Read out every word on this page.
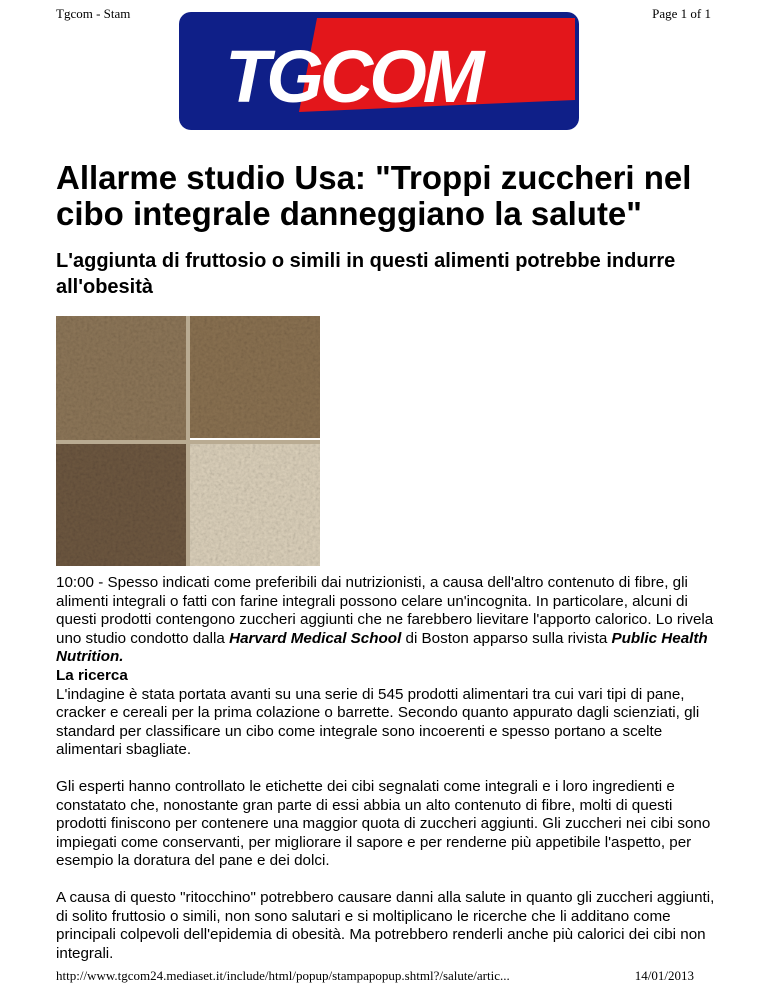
Tgcom - Stam	Page 1 of 1
TGCOM
Allarme studio Usa: "Troppi zuccheri nel cibo integrale danneggiano la salute"
L'aggiunta di fruttosio o simili in questi alimenti potrebbe indurre all'obesità

10:00 - Spesso indicati come preferibili dai nutrizionisti, a causa dell'altro contenuto di fibre, gli alimenti integrali o fatti con farine integrali possono celare un'incognita. In particolare, alcuni di questi prodotti contengono zuccheri aggiunti che ne farebbero lievitare l'apporto calorico. Lo rivela uno studio condotto dalla Harvard Medical School di Boston apparso sulla rivista Public Health Nutrition.
La ricerca
L'indagine è stata portata avanti su una serie di 545 prodotti alimentari tra cui vari tipi di pane, cracker e cereali per la prima colazione o barrette. Secondo quanto appurato dagli scienziati, gli standard per classificare un cibo come integrale sono incoerenti e spesso portano a scelte alimentari sbagliate.

Gli esperti hanno controllato le etichette dei cibi segnalati come integrali e i loro ingredienti e constatato che, nonostante gran parte di essi abbia un alto contenuto di fibre, molti di questi prodotti finiscono per contenere una maggior quota di zuccheri aggiunti. Gli zuccheri nei cibi sono impiegati come conservanti, per migliorare il sapore e per renderne più appetibile l'aspetto, per esempio la doratura del pane e dei dolci.

A causa di questo "ritocchino" potrebbero causare danni alla salute in quanto gli zuccheri aggiunti, di solito fruttosio o simili, non sono salutari e si moltiplicano le ricerche che li additano come principali colpevoli dell'epidemia di obesità. Ma potrebbero renderli anche più calorici dei cibi non integrali.

http://www.tgcom24.mediaset.it/include/html/popup/stampapopup.shtml?/salute/artic...	14/01/2013
